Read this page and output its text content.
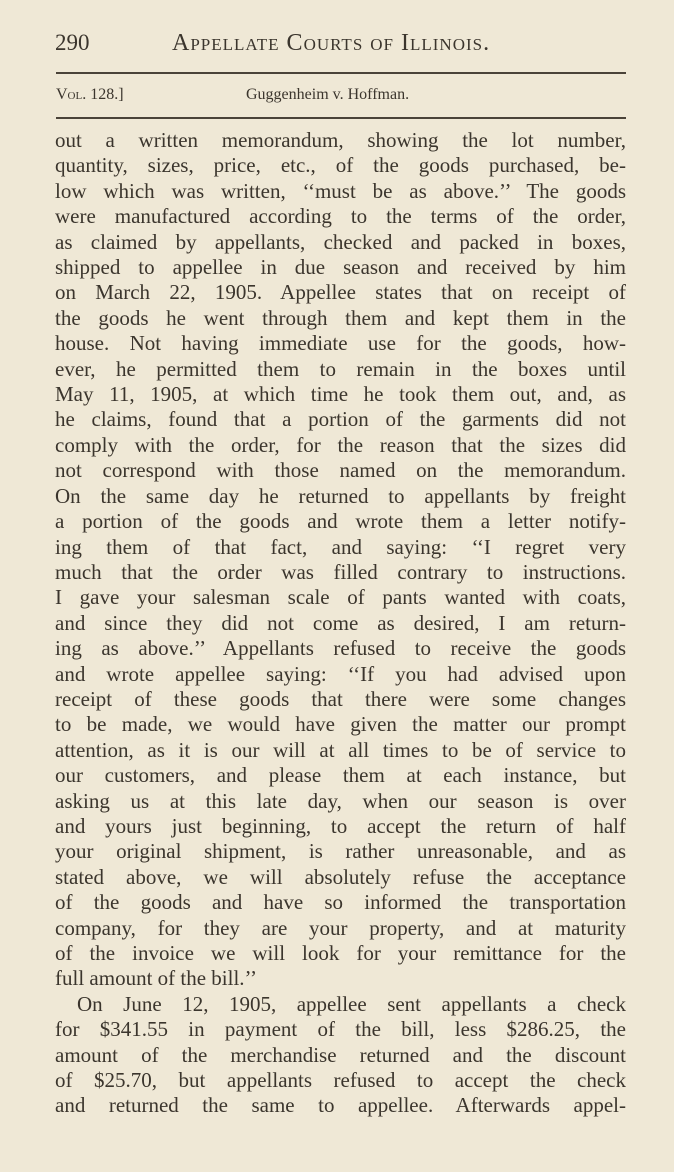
290	Appellate Courts of Illinois.
Vol. 128.]	Guggenheim v. Hoffman.
out a written memorandum, showing the lot number,
quantity, sizes, price, etc., of the goods purchased, be-
low which was written, ‘‘must be as above.’’ The goods
were manufactured according to the terms of the order,
as claimed by appellants, checked and packed in boxes,
shipped to appellee in due season and received by him
on March 22, 1905. Appellee states that on receipt of
the goods he went through them and kept them in the
house. Not having immediate use for the goods, how-
ever, he permitted them to remain in the boxes until
May 11, 1905, at which time he took them out, and, as
he claims, found that a portion of the garments did not
comply with the order, for the reason that the sizes did
not correspond with those named on the memorandum.
On the same day he returned to appellants by freight
a portion of the goods and wrote them a letter notify-
ing them of that fact, and saying: ‘‘I regret very
much that the order was filled contrary to instructions.
I gave your salesman scale of pants wanted with coats,
and since they did not come as desired, I am return-
ing as above.’’ Appellants refused to receive the goods
and wrote appellee saying: ‘‘If you had advised upon
receipt of these goods that there were some changes
to be made, we would have given the matter our prompt
attention, as it is our will at all times to be of service to
our customers, and please them at each instance, but
asking us at this late day, when our season is over
and yours just beginning, to accept the return of half
your original shipment, is rather unreasonable, and as
stated above, we will absolutely refuse the acceptance
of the goods and have so informed the transportation
company, for they are your property, and at maturity
of the invoice we will look for your remittance for the
full amount of the bill.’’
On June 12, 1905, appellee sent appellants a check
for $341.55 in payment of the bill, less $286.25, the
amount of the merchandise returned and the discount
of $25.70, but appellants refused to accept the check
and returned the same to appellee. Afterwards appel-
